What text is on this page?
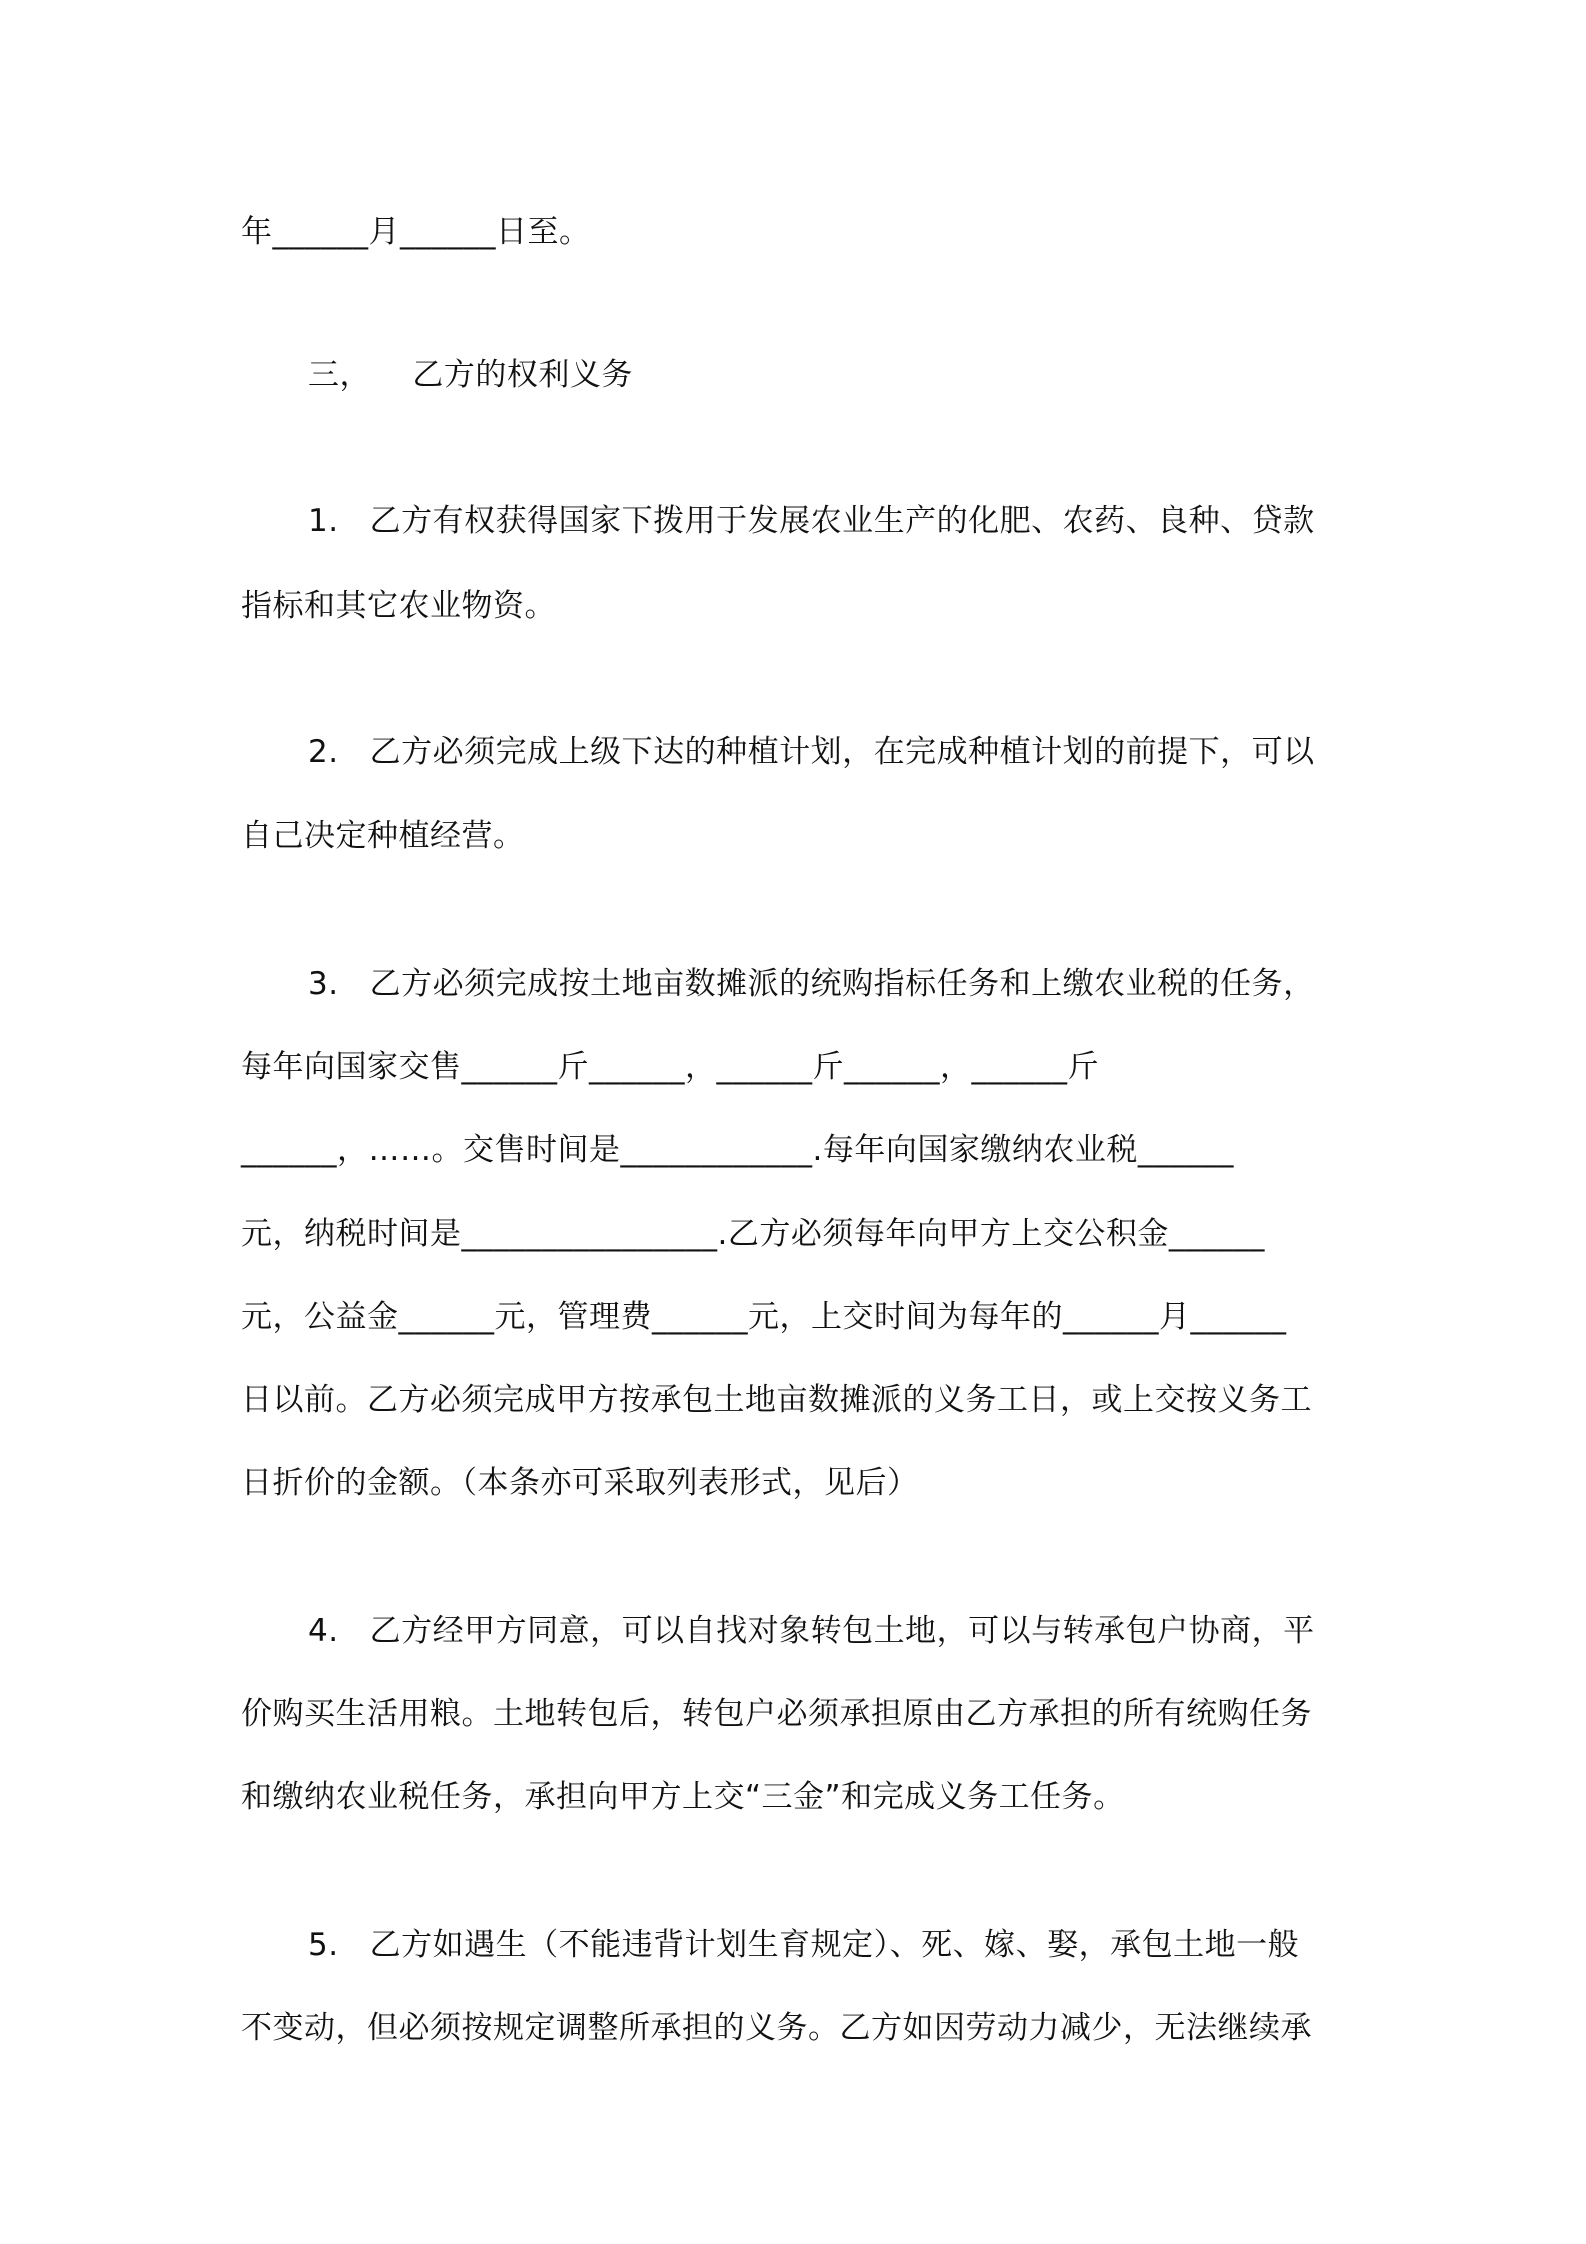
年______月______日至。
三，    乙方的权利义务
1.   乙方有权获得国家下拨用于发展农业生产的化肥、农药、良种、贷款
指标和其它农业物资。
2.   乙方必须完成上级下达的种植计划，在完成种植计划的前提下，可以
自己决定种植经营。
3.   乙方必须完成按土地亩数摊派的统购指标任务和上缴农业税的任务，
每年向国家交售______斤______，______斤______，______斤
______，……。交售时间是____________.每年向国家缴纳农业税______
元，纳税时间是________________.乙方必须每年向甲方上交公积金______
元，公益金______元，管理费______元，上交时间为每年的______月______
日以前。乙方必须完成甲方按承包土地亩数摊派的义务工日，或上交按义务工
日折价的金额。（本条亦可采取列表形式，见后）
4.   乙方经甲方同意，可以自找对象转包土地，可以与转承包户协商，平
价购买生活用粮。土地转包后，转包户必须承担原由乙方承担的所有统购任务
和缴纳农业税任务，承担向甲方上交“三金”和完成义务工任务。
5.   乙方如遇生（不能违背计划生育规定）、死、嫁、娶，承包土地一般
不变动，但必须按规定调整所承担的义务。乙方如因劳动力减少，无法继续承
